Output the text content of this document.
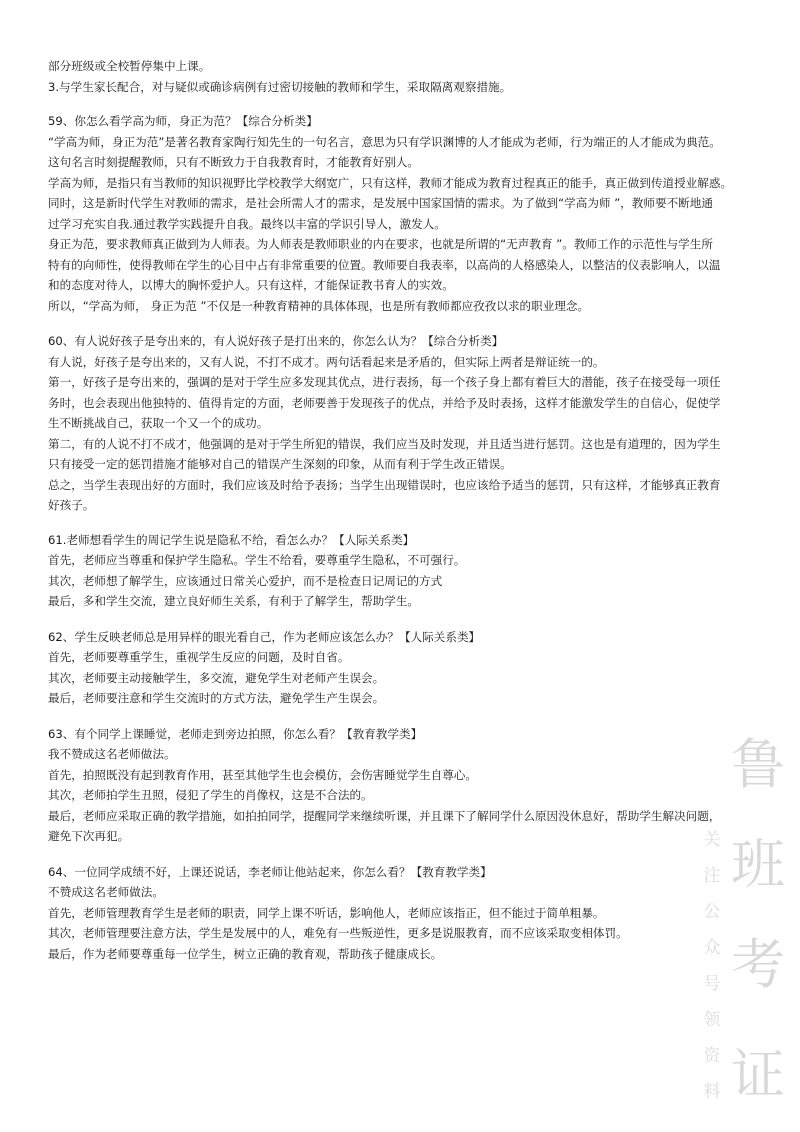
部分班级或全校暂停集中上课。
3.与学生家长配合，对与疑似或确诊病例有过密切接触的教师和学生，采取隔离观察措施。
59、你怎么看学高为师，身正为范？【综合分析类】
“学高为师，身正为范”是著名教育家陶行知先生的一句名言，意思为只有学识渊博的人才能成为老师，行为端正的人才能成为典范。
这句名言时刻提醒教师，只有不断致力于自我教育时，才能教育好别人。
学高为师，是指只有当教师的知识视野比学校教学大纲宽广，只有这样，教师才能成为教育过程真正的能手，真正做到传道授业解惑。
同时，这是新时代学生对教师的需求，是社会所需人才的需求，是发展中国家国情的需求。为了做到“学高为师 ”，教师要不断地通
过学习充实自我.通过教学实践提升自我。最终以丰富的学识引导人，激发人。
身正为范，要求教师真正做到为人师表。为人师表是教师职业的内在要求，也就是所谓的“无声教育 ”。教师工作的示范性与学生所
特有的向师性，使得教师在学生的心目中占有非常重要的位置。教师要自我表率，以高尚的人格感染人，以整洁的仪表影响人，以温
和的态度对待人，以博大的胸怀爱护人。只有这样，才能保证教书育人的实效。
所以，“学高为师， 身正为范 ”不仅是一种教育精神的具体体现，也是所有教师都应孜孜以求的职业理念。
60、有人说好孩子是夸出来的，有人说好孩子是打出来的，你怎么认为？【综合分析类】
有人说，好孩子是夸出来的，又有人说，不打不成才。两句话看起来是矛盾的，但实际上两者是辩证统一的。
第一，好孩子是夸出来的，强调的是对于学生应多发现其优点，进行表扬，每一个孩子身上都有着巨大的潜能，孩子在接受每一项任
务时，也会表现出他独特的、值得肯定的方面，老师要善于发现孩子的优点，并给予及时表扬，这样才能激发学生的自信心，促使学
生不断挑战自己，获取一个又一个的成功。
第二，有的人说不打不成才，他强调的是对于学生所犯的错误，我们应当及时发现，并且适当进行惩罚。这也是有道理的，因为学生
只有接受一定的惩罚措施才能够对自己的错误产生深刻的印象，从而有利于学生改正错误。
总之，当学生表现出好的方面时，我们应该及时给予表扬；当学生出现错误时，也应该给予适当的惩罚，只有这样，才能够真正教育
好孩子。
61.老师想看学生的周记学生说是隐私不给，看怎么办？【人际关系类】
首先，老师应当尊重和保护学生隐私。学生不给看，要尊重学生隐私，不可强行。
其次，老师想了解学生，应该通过日常关心爱护，而不是检查日记周记的方式
最后，多和学生交流，建立良好师生关系，有利于了解学生，帮助学生。
62、学生反映老师总是用异样的眼光看自己，作为老师应该怎么办？【人际关系类】
首先，老师要尊重学生，重视学生反应的问题，及时自省。
其次，老师要主动接触学生，多交流，避免学生对老师产生误会。
最后，老师要注意和学生交流时的方式方法，避免学生产生误会。
63、有个同学上课睡觉，老师走到旁边拍照，你怎么看？【教育教学类】
我不赞成这名老师做法。
首先，拍照既没有起到教育作用，甚至其他学生也会模仿，会伤害睡觉学生自尊心。
其次，老师拍学生丑照，侵犯了学生的肖像权，这是不合法的。
最后，老师应采取正确的教学措施，如拍拍同学，提醒同学来继续听课，并且课下了解同学什么原因没休息好，帮助学生解决问题，
避免下次再犯。
64、一位同学成绩不好，上课还说话，李老师让他站起来，你怎么看？【教育教学类】
不赞成这名老师做法。
首先，老师管理教育学生是老师的职责，同学上课不听话，影响他人，老师应该指正，但不能过于简单粗暴。
其次，老师管理要注意方法，学生是发展中的人，难免有一些叛逆性，更多是说服教育，而不应该采取变相体罚。
最后，作为老师要尊重每一位学生，树立正确的教育观，帮助孩子健康成长。
鲁
班
考
证
关
注
公
众
号
领
资
料
